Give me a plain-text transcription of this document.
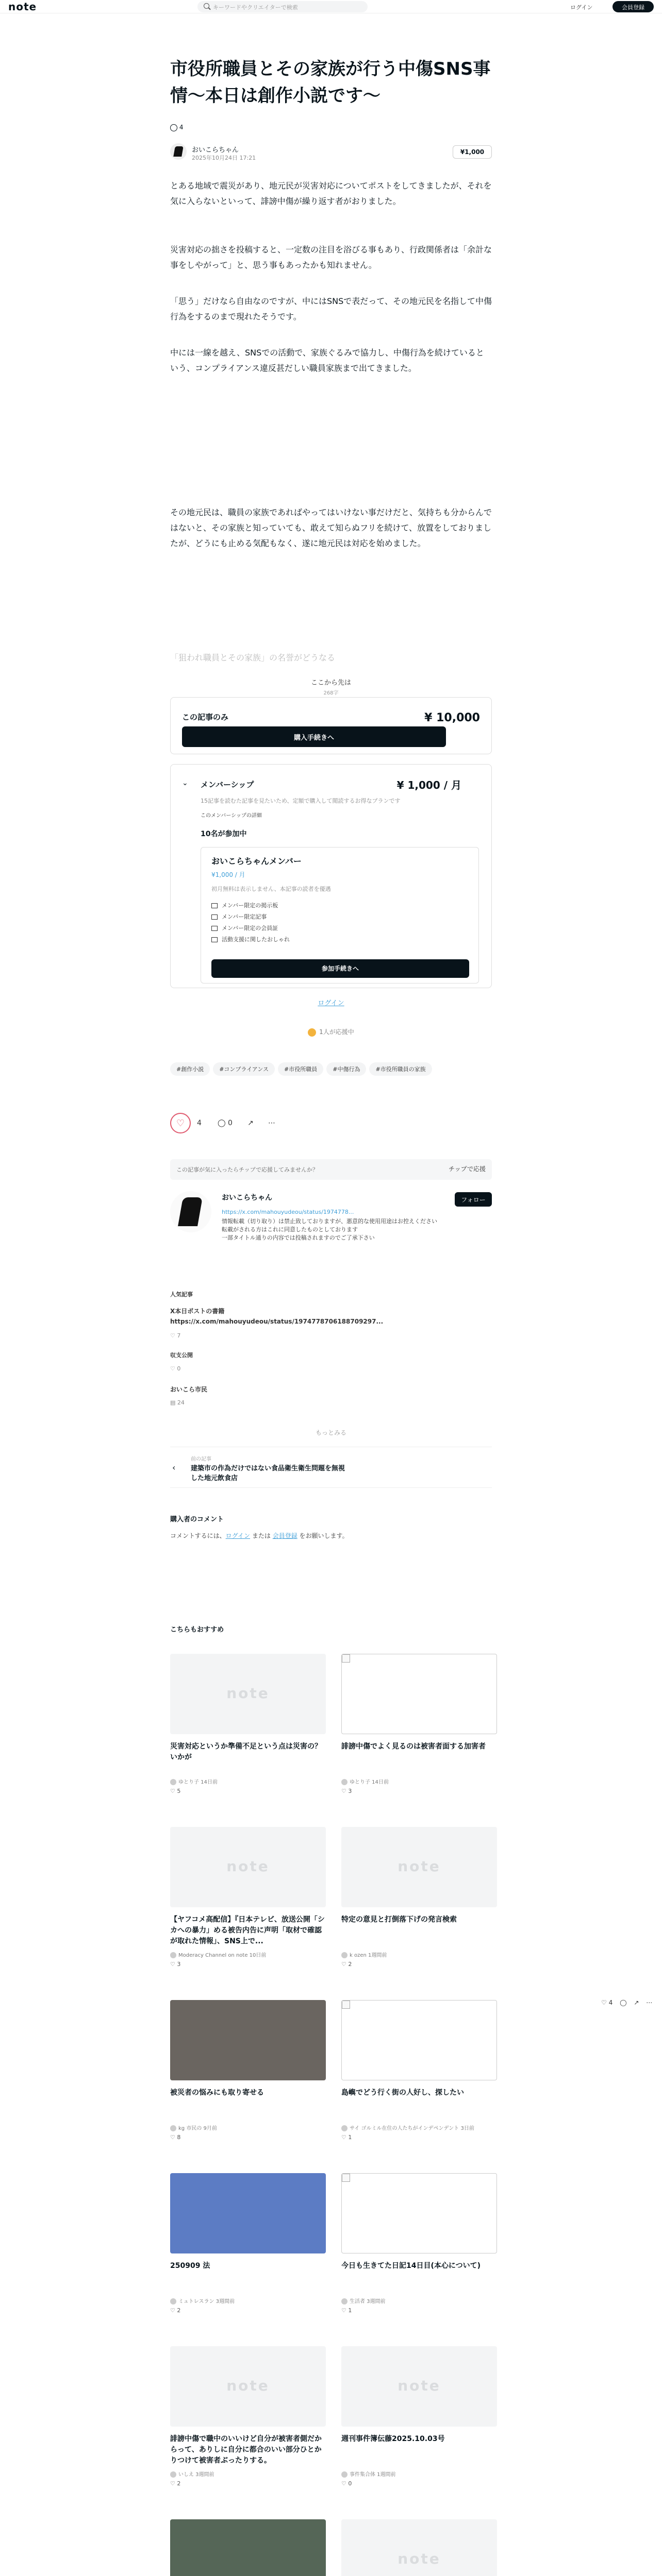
note	キーワードやクリエイターで検索	ログイン	会員登録
市役所職員とその家族が行う中傷SNS事情〜本日は創作小説です〜
4
おいこらちゃん
2025年10月24日 17:21
¥1,000
とある地域で震災があり、地元民が災害対応についてポストをしてきましたが、それを気に入らないといって、誹謗中傷が繰り返す者がおりました。
災害対応の拙さを投稿すると、一定数の注目を浴びる事もあり、行政関係者は「余計な事をしやがって」と、思う事もあったかも知れません。
「思う」だけなら自由なのですが、中にはSNSで表だって、その地元民を名指して中傷行為をするのまで現れたそうです。
中には一線を越え、SNSでの活動で、家族ぐるみで協力し、中傷行為を続けているという、コンプライアンス違反甚だしい職員家族まで出てきました。
その地元民は、職員の家族であればやってはいけない事だけだと、気持ちも分からんではないと、その家族と知っていても、敢えて知らぬフリを続けて、放置をしておりましたが、どうにも止める気配もなく、遂に地元民は対応を始めました。
「狙われ職員とその家族」の名誉がどうなる
ここから先は
268字
この記事のみ	¥ 10,000
購入手続きへ
⌄ メンバーシップ	¥ 1,000 / 月
15記事を読むた記事を見たいため、定額で購入して閲読するお得なプランです
このメンバーシップの詳細
10名が参加中
おいこらちゃんメンバー
¥1,000 / 月
初月無料は表示しません、本記事の読者を優遇
メンバー限定の掲示板
メンバー限定記事
メンバー限定の会員証
活動支援に関したおしゃれ
参加手続きへ
ログイン
1人が応援中
#創作小説	#コンプライアンス	#市役所職員	#中傷行為	#市役所職員の家族
♡	4 ◯ 0 ↗ ⋯
この記事が気に入ったらチップで応援してみませんか？	チップで応援
おいこらちゃん	フォロー
https://x.com/mahouyudeou/status/1974778...
情報転載（切り取り）は禁止致しておりますが、悪意的な使用用途はお控えください
転載がされる方はこれに同意したものとしております
一部タイトル通りの内容では投稿されますのでご了承下さい
人気記事
X本日ポストの書籍
https://x.com/mahouyudeou/status/1974778706188709297...
♡ 7
収支公開
♡ 0
おいこら市民
▤ 24
もっとみる
‹
前の記事
建築市の作為だけではない食品衛生衛生問題を無視した地元飲食店
購入者のコメント
コメントするには、ログイン または 会員登録 をお願いします。
こちらもおすすめ
note
災害対応というか準備不足という点は災害の？いかが
ゆとり子 14日前
♡ 5
誹謗中傷でよく見るのは被害者面する加害者
ゆとり子 14日前
♡ 3
note
【ヤフコメ高配信】『日本テレビ、放送公開「シカへの暴力」める被告内告に声明「取材で確認が取れた情報」、SNS上で...
Moderacy Channel on note 10日前
♡ 3
note
特定の意見と打倒落下げの発言検索
k ozen 1週間前
♡ 2
被災者の悩みにも取り寄せる
kg 市民の 9月前
♡ 8
島嶼でどう行く街の人好し、探したい
サイ ゴルミル在住の人たちがインデペンデント 3日前
♡ 1
250909 法
ミュトレスラン 3週間前
♡ 2
今日も生きてた日記14日目(本心について)
生活者 3週間前
♡ 1
note
誹謗中傷で職中のいいけど自分が被害者側だからって、ありしに自分に都合のいい部分ひとかりつけて被害者ぶったりする。
いしえ 3週間前
♡ 2
note
週刊事件簿伝藤2025.10.03号
事件集合体 1週間前
♡ 0
note
♡ 4 ◯ ↗ ⋯
